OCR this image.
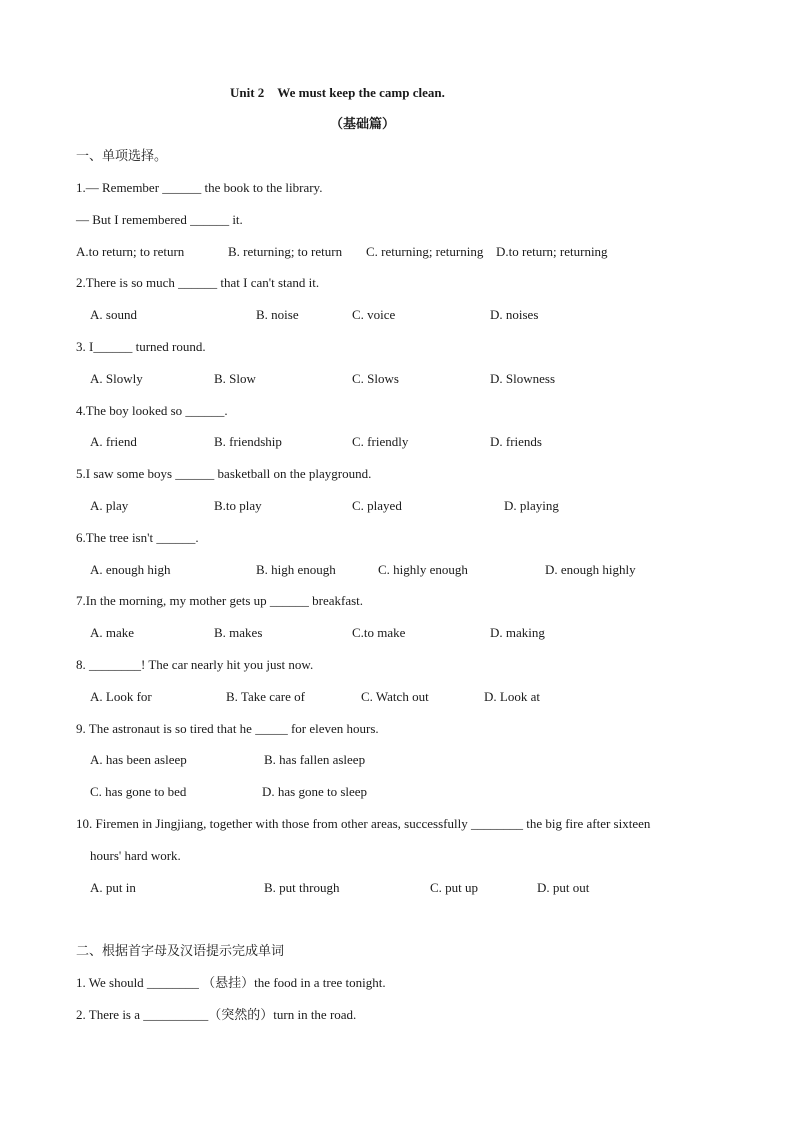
Unit 2　We must keep the camp clean.
（基础篇）
一、单项选择。
1.— Remember ______ the book to the library.
— But I remembered ______ it.
A.to return; to return	B. returning; to return C. returning; returning D.to return; returning
2.There is so much ______ that I can't stand it.
A. sound	B. noise	C. voice	D. noises
3. I______ turned round.
A. Slowly	B. Slow	C. Slows	D. Slowness
4.The boy looked so ______.
A. friend	B. friendship	C. friendly	D. friends
5.I saw some boys ______ basketball on the playground.
A. play	B.to play	C. played	D. playing
6.The tree isn't ______.
A. enough high	B. high enough	C. highly enough	D. enough highly
7.In the morning, my mother gets up ______ breakfast.
A. make	B. makes	C.to make	D. making
8. ________! The car nearly hit you just now.
A. Look for	B. Take care of	C. Watch out	D. Look at
9. The astronaut is so tired that he _____ for eleven hours.
A. has been asleep	B. has fallen asleep
C. has gone to bed	D. has gone to sleep
10. Firemen in Jingjiang, together with those from other areas, successfully ________ the big fire after sixteen
hours' hard work.
A. put in	B. put through	C. put up	D. put out
二、根据首字母及汉语提示完成单词
1. We should ________ （悬挂）the food in a tree tonight.
2. There is a __________（突然的）turn in the road.
